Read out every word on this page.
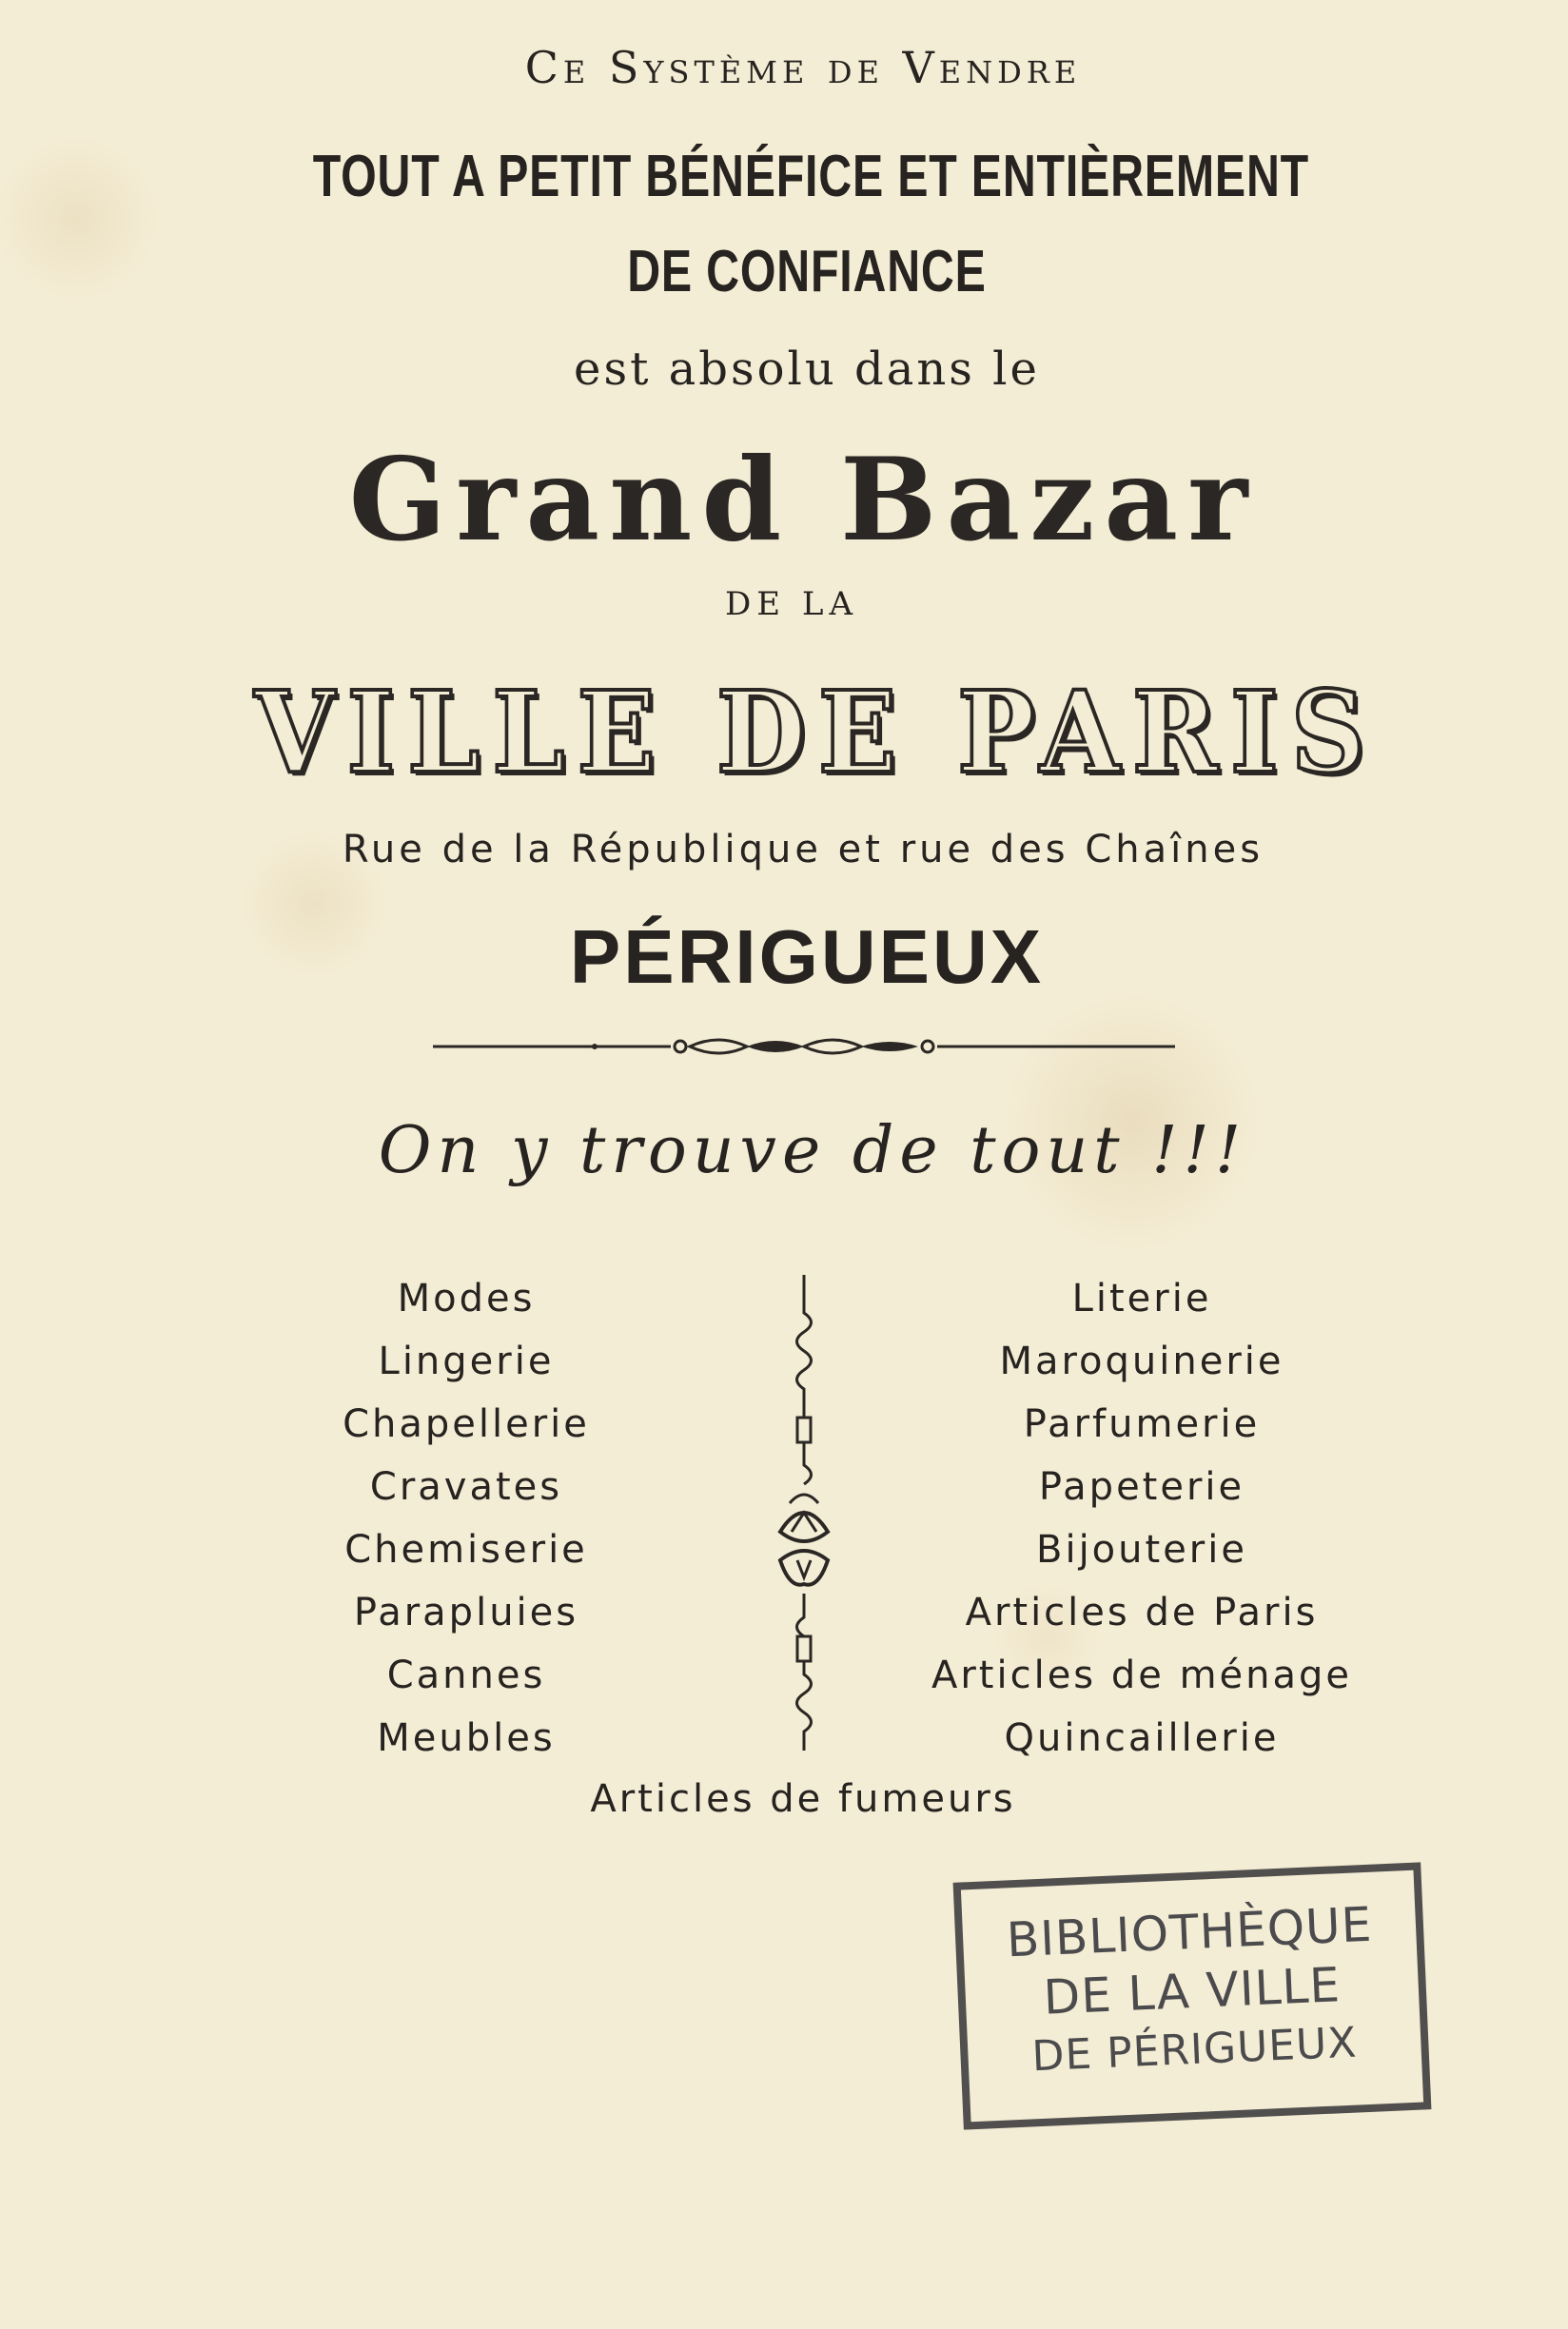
Ce Système de Vendre
TOUT A PETIT BÉNÉFICE ET ENTIÈREMENT
DE CONFIANCE
est absolu dans le
Grand Bazar
DE LA
VILLE DE PARIS
Rue de la République et rue des Chaînes
PÉRIGUEUX
On y trouve de tout !!!
Modes
Lingerie
Chapellerie
Cravates
Chemiserie
Parapluies
Cannes
Meubles
Literie
Maroquinerie
Parfumerie
Papeterie
Bijouterie
Articles de Paris
Articles de ménage
Quincaillerie
Articles de fumeurs
BIBLIOTHÈQUE
DE LA VILLE
DE PÉRIGUEUX
